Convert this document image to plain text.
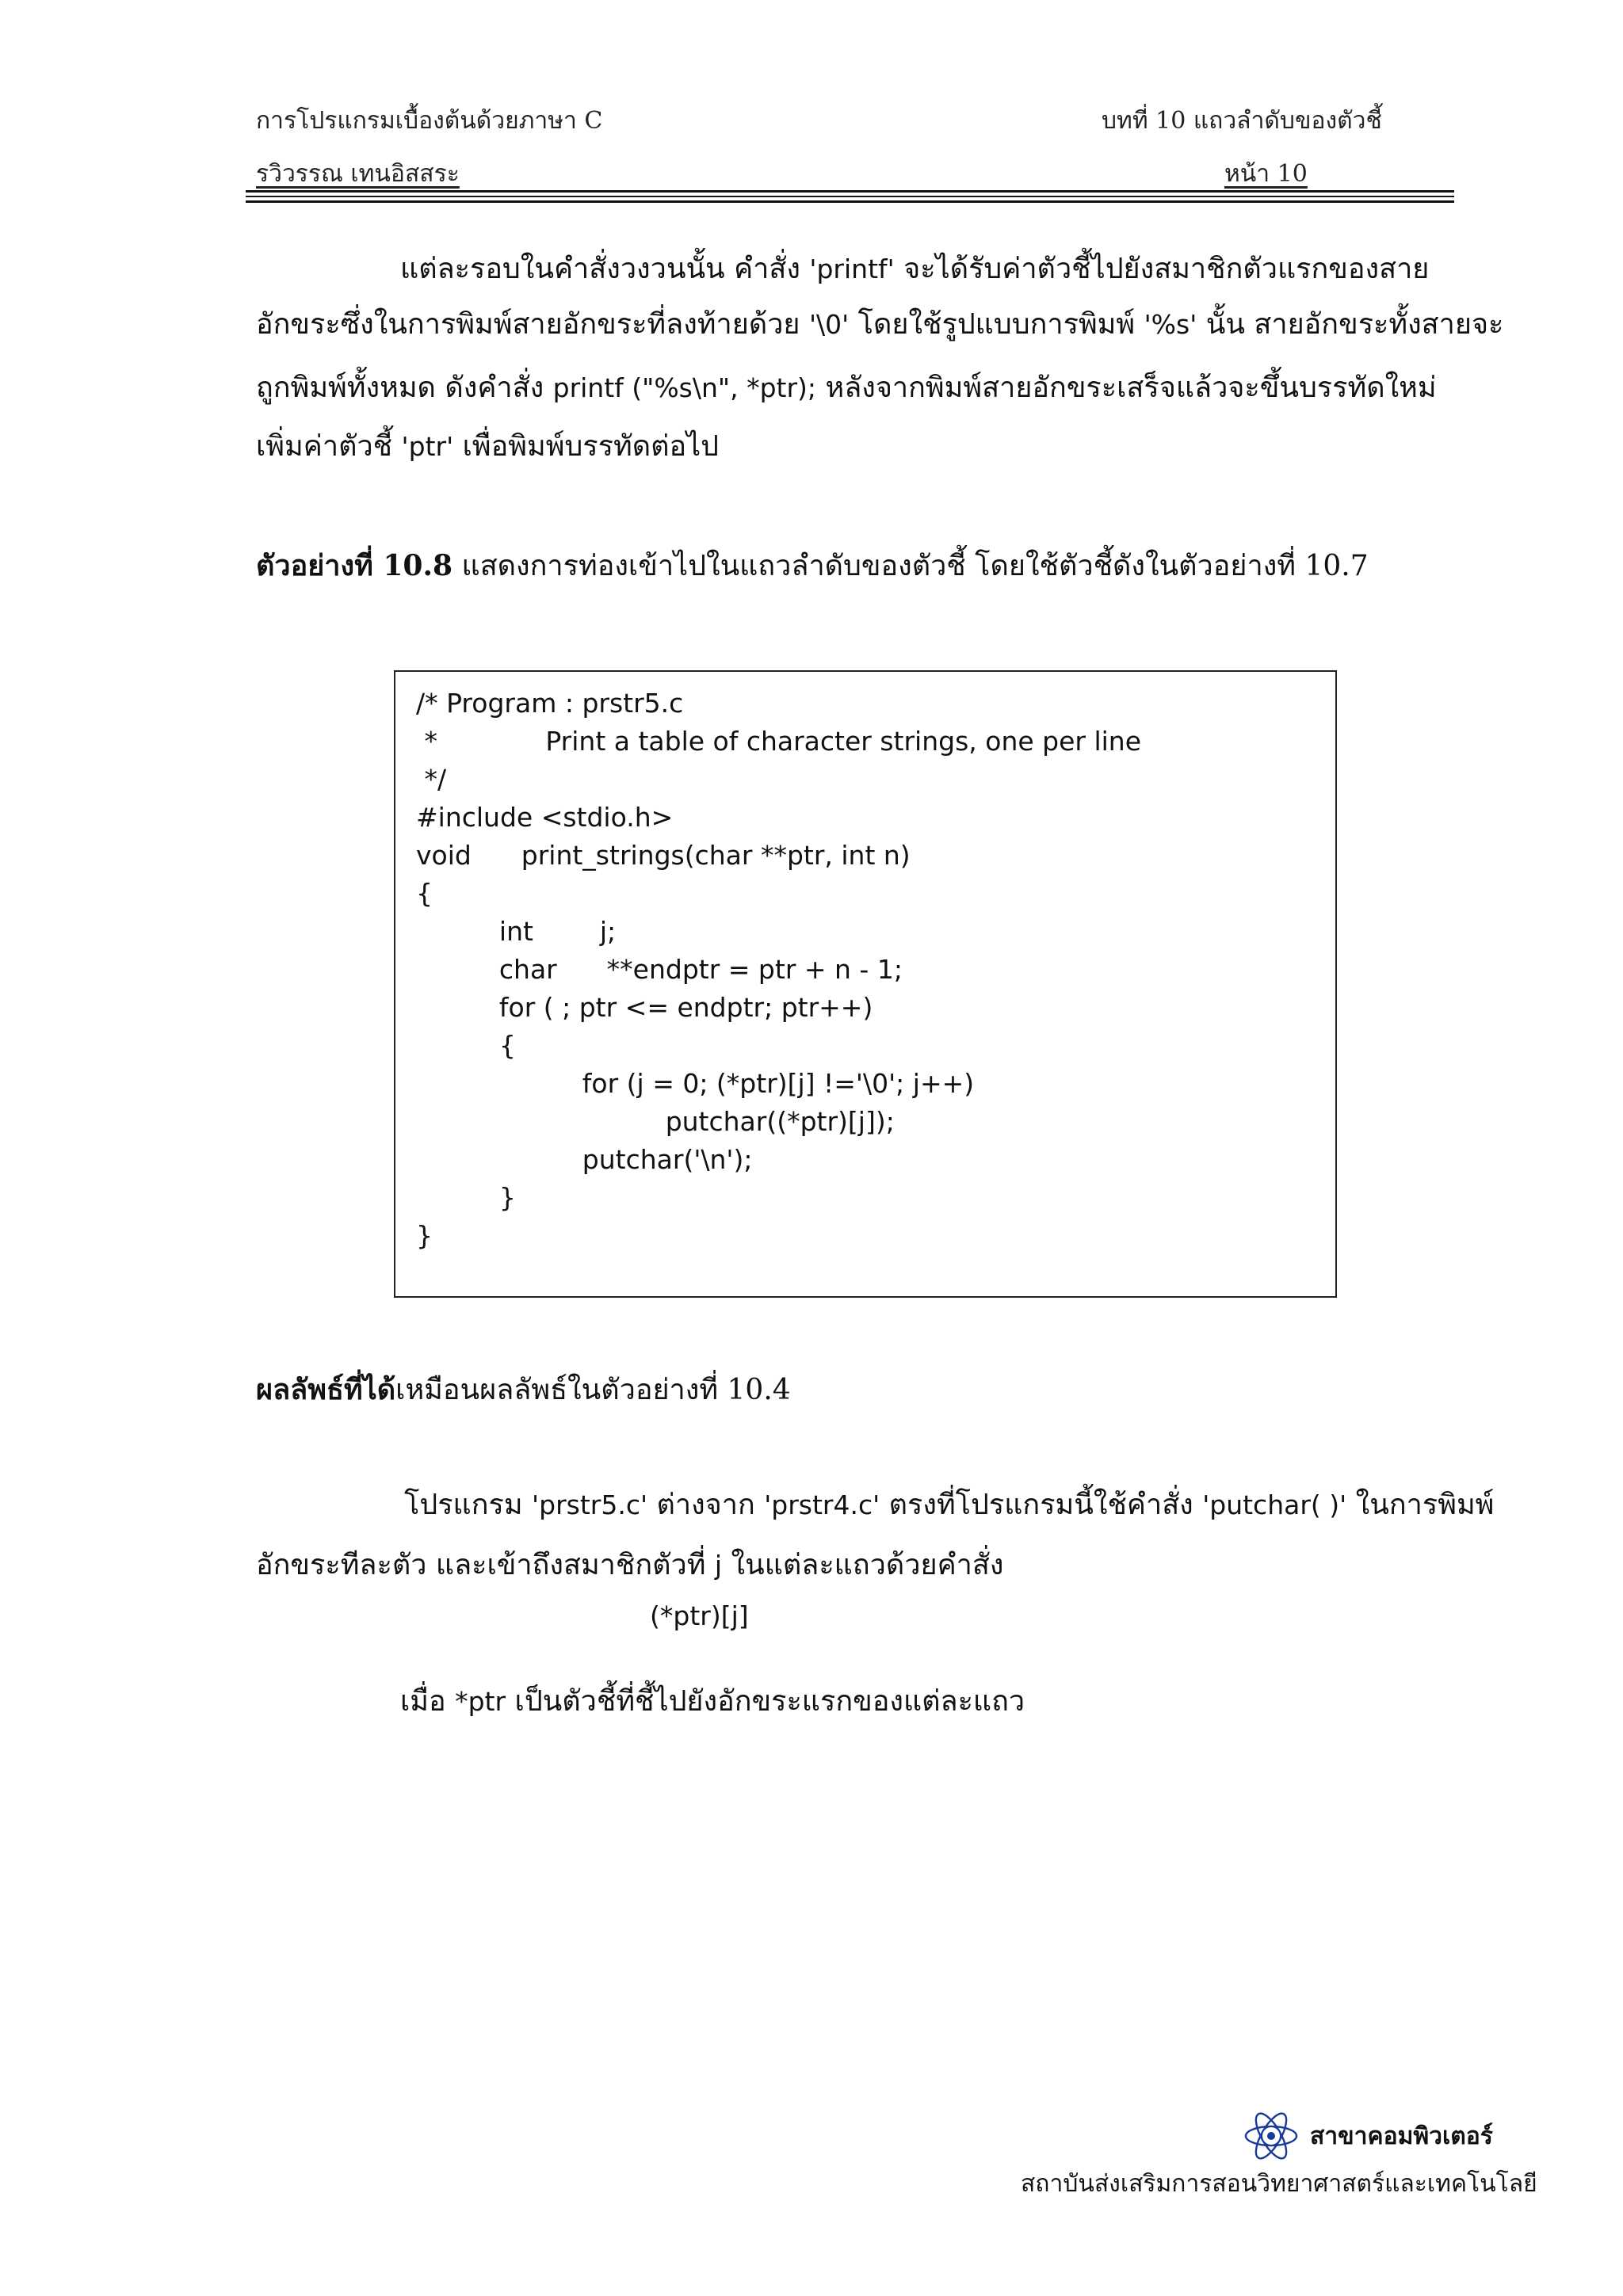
การโปรแกรมเบื้องต้นด้วยภาษา C	บทที่ 10 แถวลำดับของตัวชี้
รวิวรรณ เทนอิสสระ	หน้า 10
แต่ละรอบในคำสั่งวงวนนั้น คำสั่ง 'printf' จะได้รับค่าตัวชี้ไปยังสมาชิกตัวแรกของสาย
อักขระซึ่งในการพิมพ์สายอักขระที่ลงท้ายด้วย '\0' โดยใช้รูปแบบการพิมพ์ '%s' นั้น สายอักขระทั้งสายจะ
ถูกพิมพ์ทั้งหมด ดังคำสั่ง printf ("%s\n", *ptr); หลังจากพิมพ์สายอักขระเสร็จแล้วจะขึ้นบรรทัดใหม่
เพิ่มค่าตัวชี้ 'ptr' เพื่อพิมพ์บรรทัดต่อไป
ตัวอย่างที่ 10.8 แสดงการท่องเข้าไปในแถวลำดับของตัวชี้ โดยใช้ตัวชี้ดังในตัวอย่างที่ 10.7
/* Program : prstr5.c
*             Print a table of character strings, one per line
*/
#include <stdio.h>
void      print_strings(char **ptr, int n)
{
int        j;
char      **endptr = ptr + n - 1;
for ( ; ptr <= endptr; ptr++)
{
for (j = 0; (*ptr)[j] !='\0'; j++)
putchar((*ptr)[j]);
putchar('\n');
}
}
ผลลัพธ์ที่ได้เหมือนผลลัพธ์ในตัวอย่างที่ 10.4
โปรแกรม 'prstr5.c' ต่างจาก 'prstr4.c' ตรงที่โปรแกรมนี้ใช้คำสั่ง 'putchar( )' ในการพิมพ์
อักขระทีละตัว และเข้าถึงสมาชิกตัวที่ j ในแต่ละแถวด้วยคำสั่ง
(*ptr)[j]
เมื่อ *ptr เป็นตัวชี้ที่ชี้ไปยังอักขระแรกของแต่ละแถว
สาขาคอมพิวเตอร์
สถาบันส่งเสริมการสอนวิทยาศาสตร์และเทคโนโลยี
